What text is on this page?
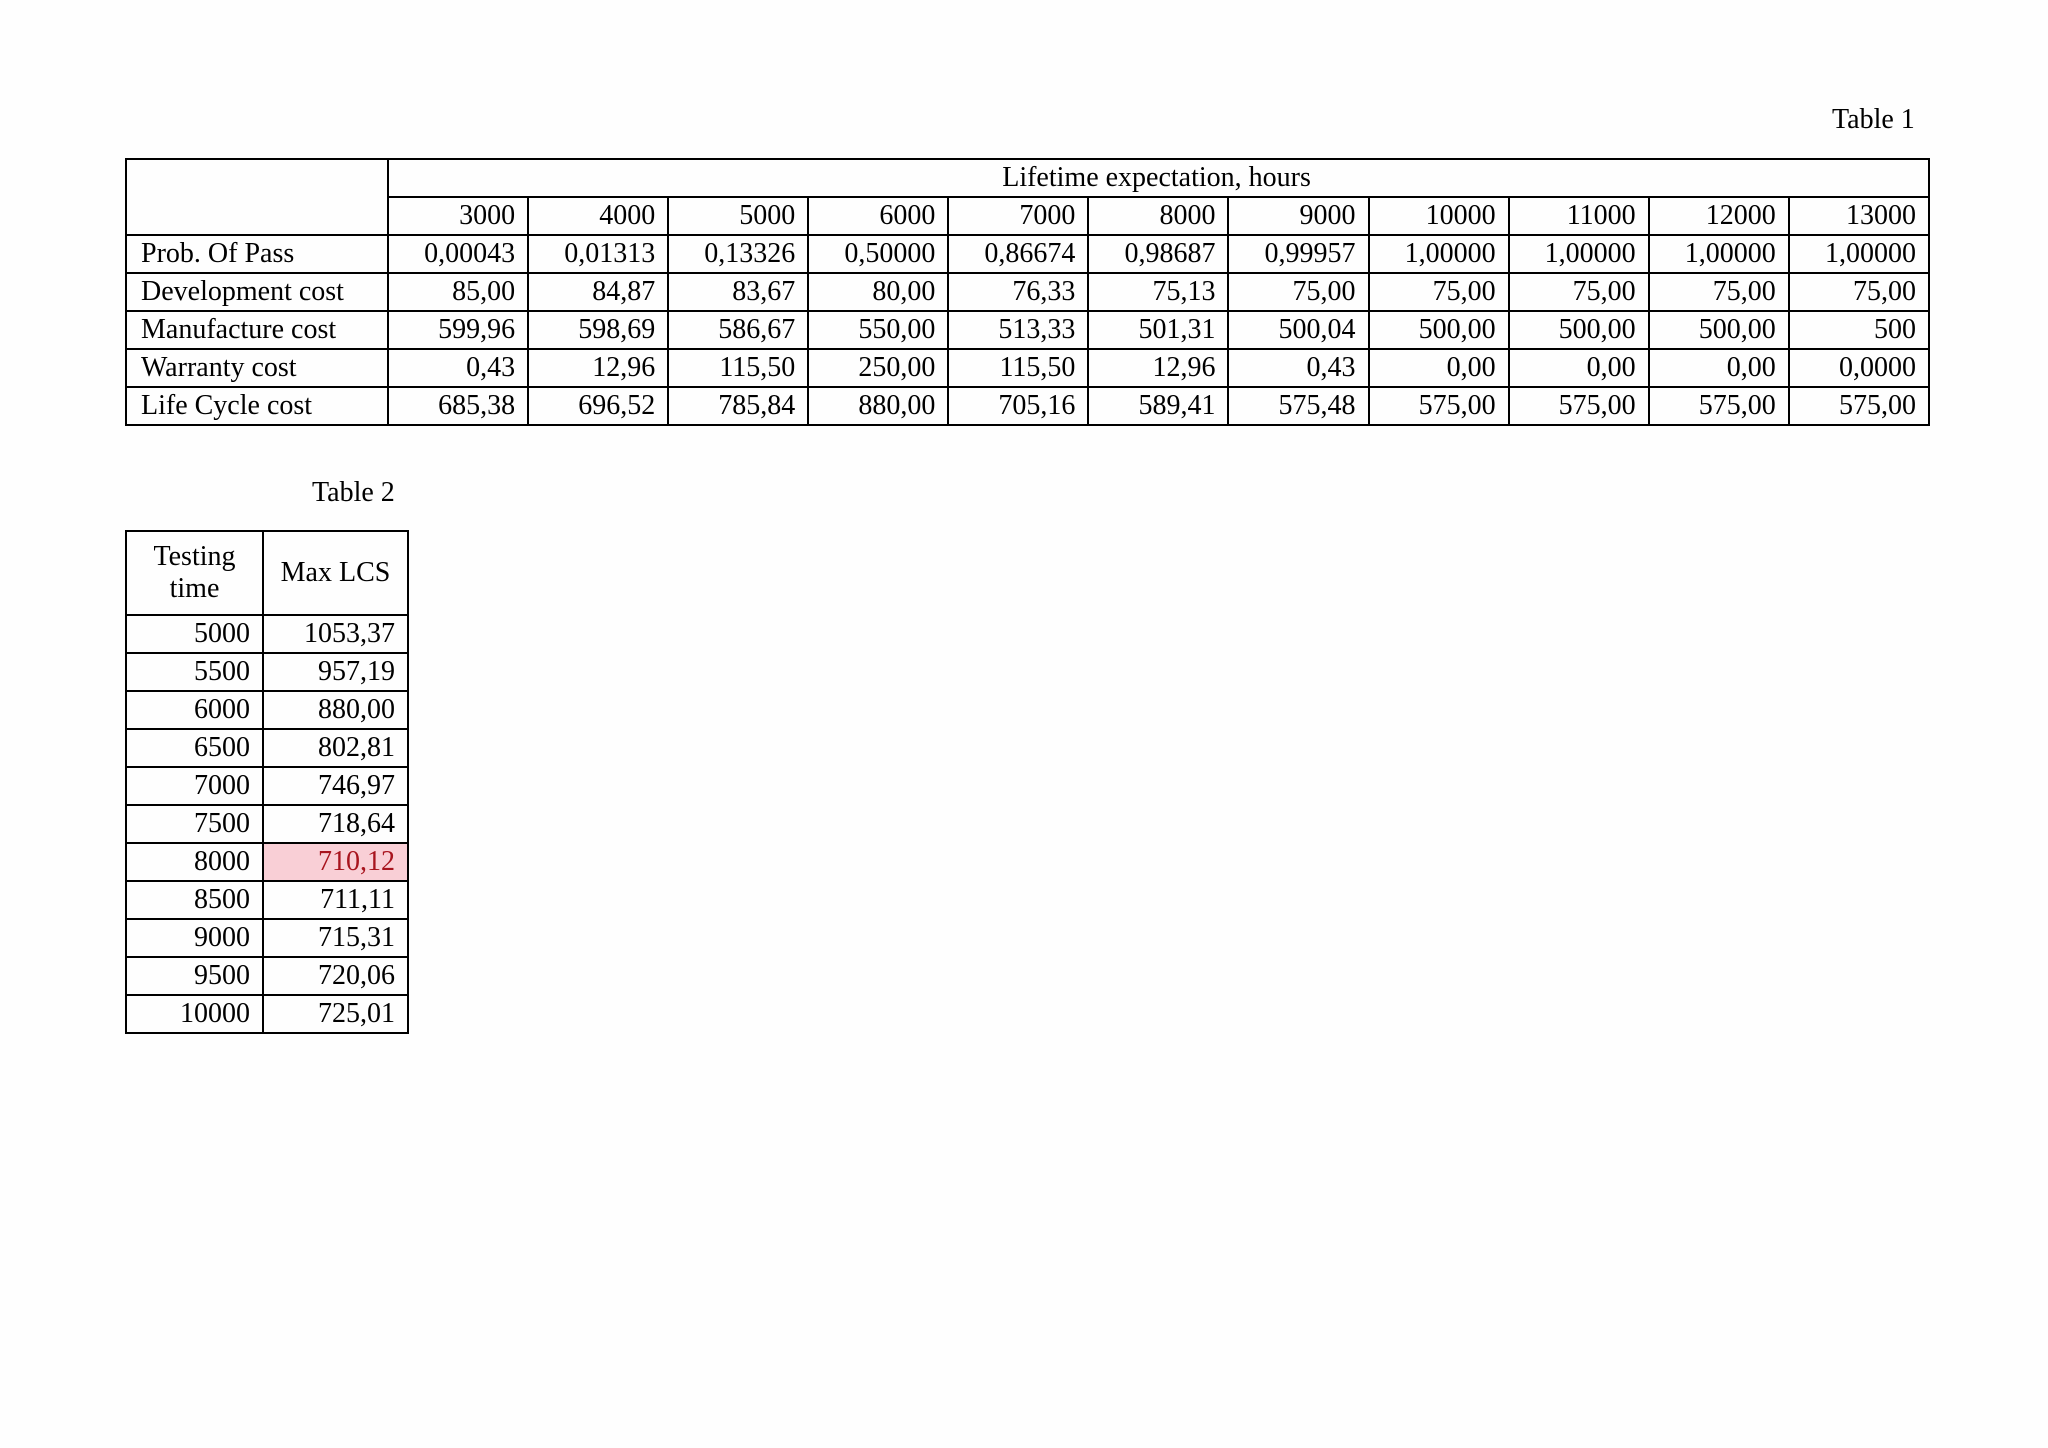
Table 1
	Lifetime expectation, hours										
	3000	4000	5000	6000	7000	8000	9000	10000	11000	12000	13000
Prob. Of Pass	0,00043	0,01313	0,13326	0,50000	0,86674	0,98687	0,99957	1,00000	1,00000	1,00000	1,00000
Development cost	85,00	84,87	83,67	80,00	76,33	75,13	75,00	75,00	75,00	75,00	75,00
Manufacture cost	599,96	598,69	586,67	550,00	513,33	501,31	500,04	500,00	500,00	500,00	500
Warranty cost	0,43	12,96	115,50	250,00	115,50	12,96	0,43	0,00	0,00	0,00	0,0000
Life Cycle cost	685,38	696,52	785,84	880,00	705,16	589,41	575,48	575,00	575,00	575,00	575,00
Table 2
Testing time	Max LCS
5000	1053,37
5500	957,19
6000	880,00
6500	802,81
7000	746,97
7500	718,64
8000	710,12
8500	711,11
9000	715,31
9500	720,06
10000	725,01
